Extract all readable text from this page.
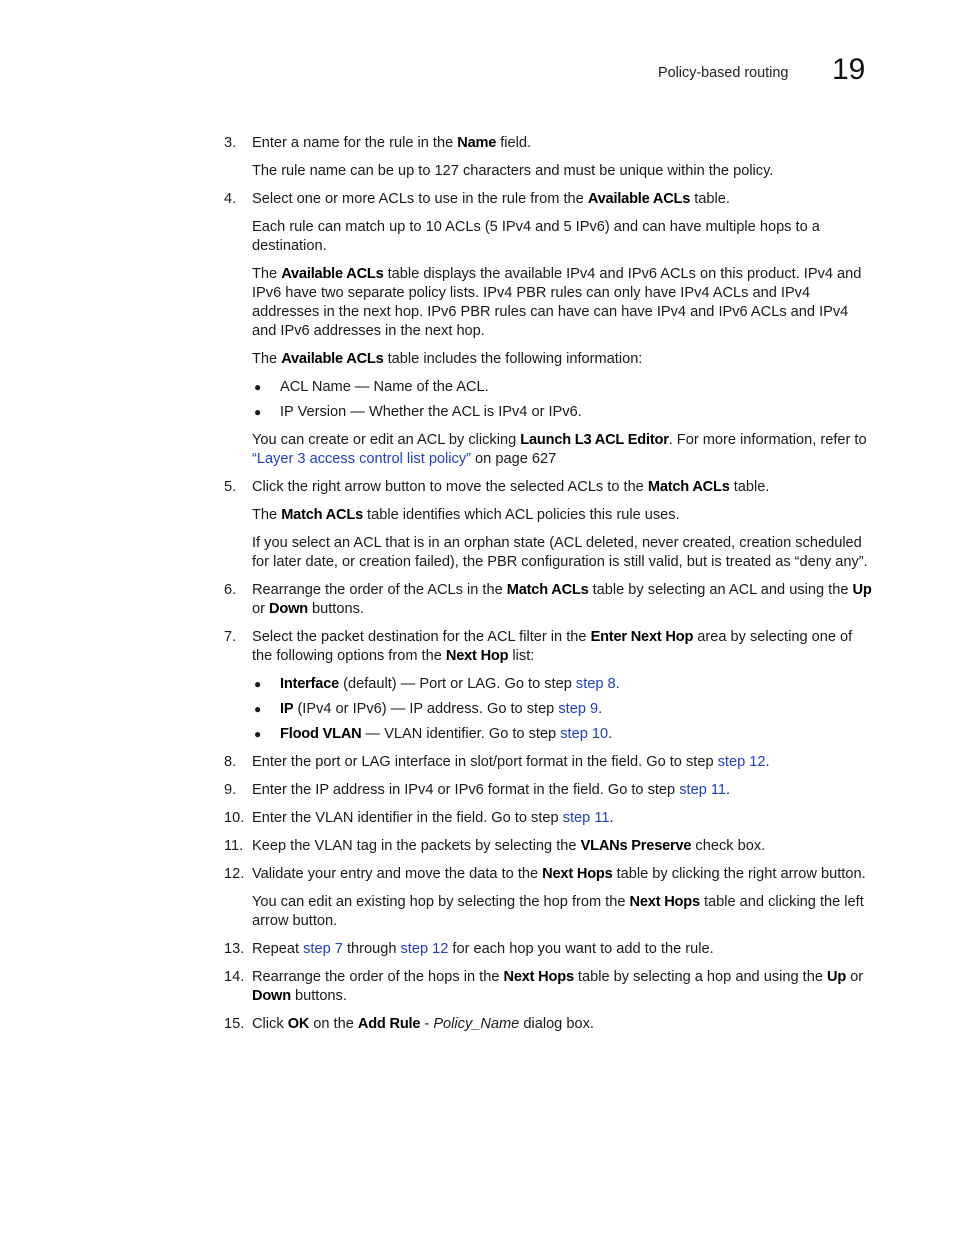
Policy-based routing 19
3.	Enter a name for the rule in the Name field.
The rule name can be up to 127 characters and must be unique within the policy.
4.	Select one or more ACLs to use in the rule from the Available ACLs table.
Each rule can match up to 10 ACLs (5 IPv4 and 5 IPv6) and can have multiple hops to a destination.
The Available ACLs table displays the available IPv4 and IPv6 ACLs on this product. IPv4 and IPv6 have two separate policy lists. IPv4 PBR rules can only have IPv4 ACLs and IPv4 addresses in the next hop. IPv6 PBR rules can have can have IPv4 and IPv6 ACLs and IPv4 and IPv6 addresses in the next hop.
The Available ACLs table includes the following information:
●	ACL Name — Name of the ACL.
●	IP Version — Whether the ACL is IPv4 or IPv6.
You can create or edit an ACL by clicking Launch L3 ACL Editor. For more information, refer to “Layer 3 access control list policy” on page 627
5.	Click the right arrow button to move the selected ACLs to the Match ACLs table.
The Match ACLs table identifies which ACL policies this rule uses.
If you select an ACL that is in an orphan state (ACL deleted, never created, creation scheduled for later date, or creation failed), the PBR configuration is still valid, but is treated as “deny any”.
6.	Rearrange the order of the ACLs in the Match ACLs table by selecting an ACL and using the Up or Down buttons.
7.	Select the packet destination for the ACL filter in the Enter Next Hop area by selecting one of the following options from the Next Hop list:
●	Interface (default) — Port or LAG. Go to step step 8.
●	IP (IPv4 or IPv6) — IP address. Go to step step 9.
●	Flood VLAN — VLAN identifier. Go to step step 10.
8.	Enter the port or LAG interface in slot/port format in the field. Go to step step 12.
9.	Enter the IP address in IPv4 or IPv6 format in the field. Go to step step 11.
10. Enter the VLAN identifier in the field. Go to step step 11.
11. Keep the VLAN tag in the packets by selecting the VLANs Preserve check box.
12. Validate your entry and move the data to the Next Hops table by clicking the right arrow button.
You can edit an existing hop by selecting the hop from the Next Hops table and clicking the left arrow button.
13. Repeat step 7 through step 12 for each hop you want to add to the rule.
14. Rearrange the order of the hops in the Next Hops table by selecting a hop and using the Up or Down buttons.
15. Click OK on the Add Rule - Policy_Name dialog box.
